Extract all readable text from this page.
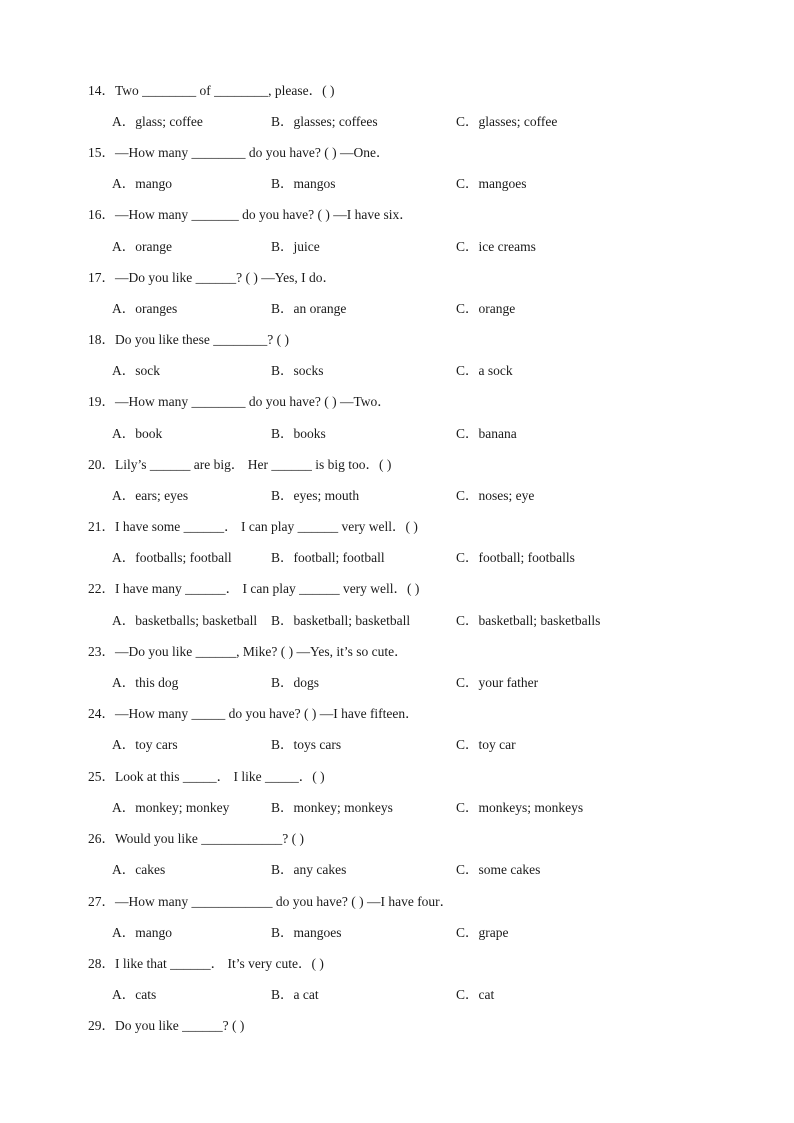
14．Two ________ of ________, please．( )
A．glass; coffee	B．glasses; coffees	C．glasses; coffee
15．—How many ________ do you have? ( ) —One．
A．mango	B．mangos	C．mangoes
16．—How many _______ do you have? ( ) —I have six．
A．orange	B．juice	C．ice creams
17．—Do you like ______? ( ) —Yes, I do．
A．oranges	B．an orange	C．orange
18．Do you like these ________? ( )
A．sock	B．socks	C．a sock
19．—How many ________ do you have? ( ) —Two．
A．book	B．books	C．banana
20．Lily’s ______ are big． Her ______ is big too．( )
A．ears; eyes	B．eyes; mouth	C．noses; eye
21．I have some ______． I can play ______ very well．( )
A．footballs; football	B．football; football	C．football; footballs
22．I have many ______． I can play ______ very well．( )
A．basketballs; basketball B．basketball; basketball	C．basketball; basketballs
23．—Do you like ______, Mike? ( ) —Yes, it’s so cute．
A．this dog	B．dogs	C．your father
24．—How many _____ do you have? ( ) —I have fifteen．
A．toy cars	B．toys cars	C．toy car
25．Look at this _____． I like _____．( )
A．monkey; monkey	B．monkey; monkeys	C．monkeys; monkeys
26．Would you like ____________? ( )
A．cakes	B．any cakes	C．some cakes
27．—How many ____________ do you have? ( ) —I have four．
A．mango	B．mangoes	C．grape
28．I like that ______． It’s very cute．( )
A．cats	B．a cat	C．cat
29．Do you like ______? ( )
